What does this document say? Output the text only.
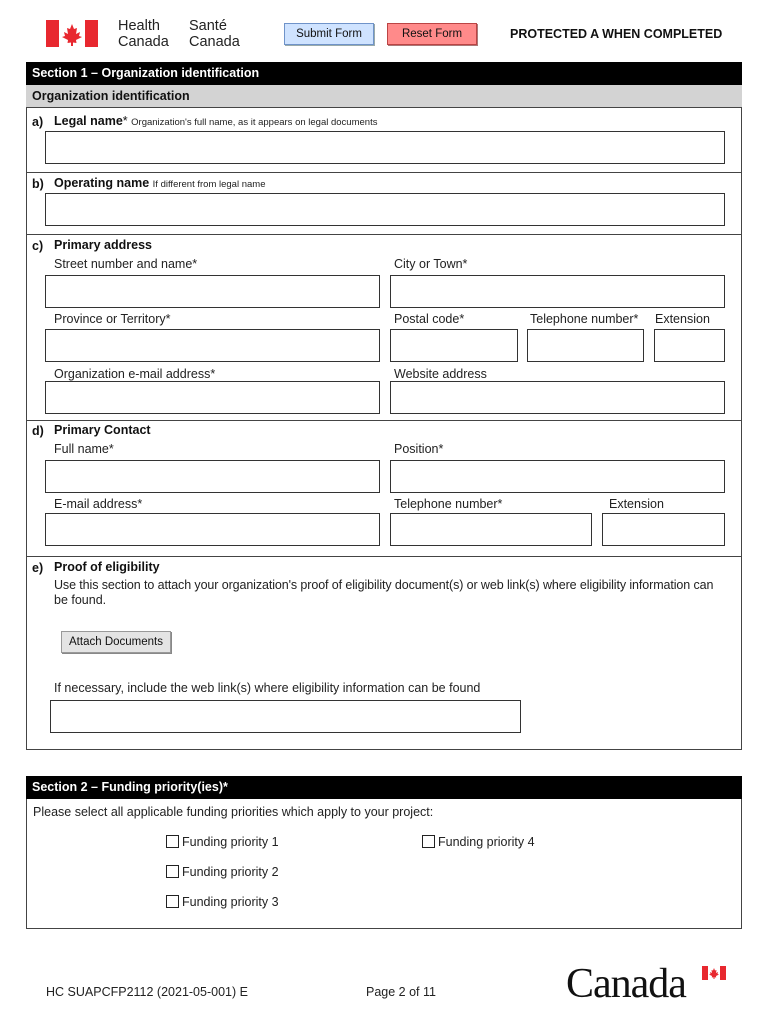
Health
Canada
Santé
Canada	Submit Form	Reset Form	PROTECTED A WHEN COMPLETED
Section 1 – Organization identification
Organization identification
a) Legal name* Organization's full name, as it appears on legal documents
b) Operating name If different from legal name
c) Primary address
Street number and name*	City or Town*
Province or Territory*	Postal code*	Telephone number* Extension
Organization e-mail address*	Website address
d) Primary Contact
Full name*	Position*
E-mail address*	Telephone number*	Extension
e) Proof of eligibility
Use this section to attach your organization's proof of eligibility document(s) or web link(s) where eligibility information can
be found.
Attach Documents
If necessary, include the web link(s) where eligibility information can be found
Section 2 – Funding priority(ies)*
Please select all applicable funding priorities which apply to your project:
Funding priority 1
Funding priority 2
Funding priority 3
Funding priority 4
HC SUAPCFP2112 (2021-05-001) E	Page 2 of 11	Canada
